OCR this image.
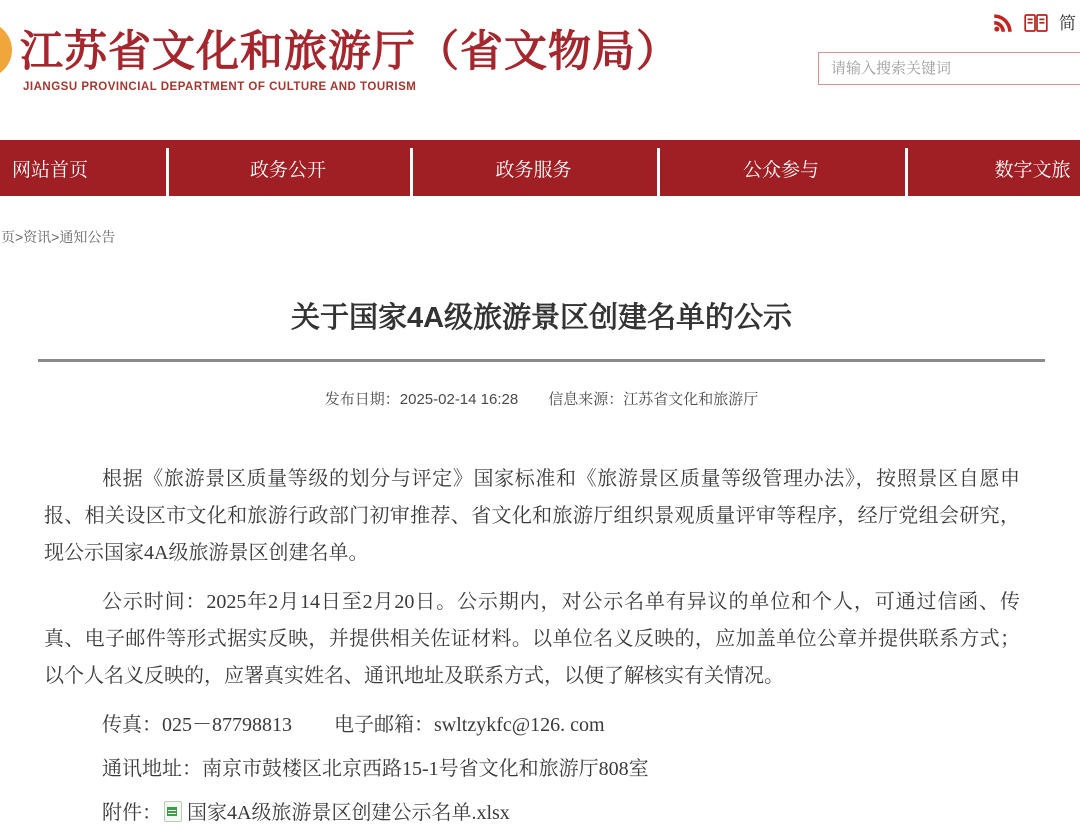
江苏省文化和旅游厅（省文物局）
JIANGSU PROVINCIAL DEPARTMENT OF CULTURE AND TOURISM
简
请输入搜索关键词
网站首页	政务公开	政务服务	公众参与	数字文旅
页>资讯>通知公告
关于国家4A级旅游景区创建名单的公示
发布日期：2025-02-14 16:28 信息来源：江苏省文化和旅游厅

根据《旅游景区质量等级的划分与评定》国家标准和《旅游景区质量等级管理办法》，按照景区自愿申报、相关设区市文化和旅游行政部门初审推荐、省文化和旅游厅组织景观质量评审等程序，经厅党组会研究，现公示国家4A级旅游景区创建名单。

公示时间：2025年2月14日至2月20日。公示期内，对公示名单有异议的单位和个人，可通过信函、传真、电子邮件等形式据实反映，并提供相关佐证材料。以单位名义反映的，应加盖单位公章并提供联系方式；以个人名义反映的，应署真实姓名、通讯地址及联系方式，以便了解核实有关情况。

传真：025－87798813 电子邮箱：swltzykfc@126. com

通讯地址：南京市鼓楼区北京西路15-1号省文化和旅游厅808室

附件： 国家4A级旅游景区创建公示名单.xlsx
